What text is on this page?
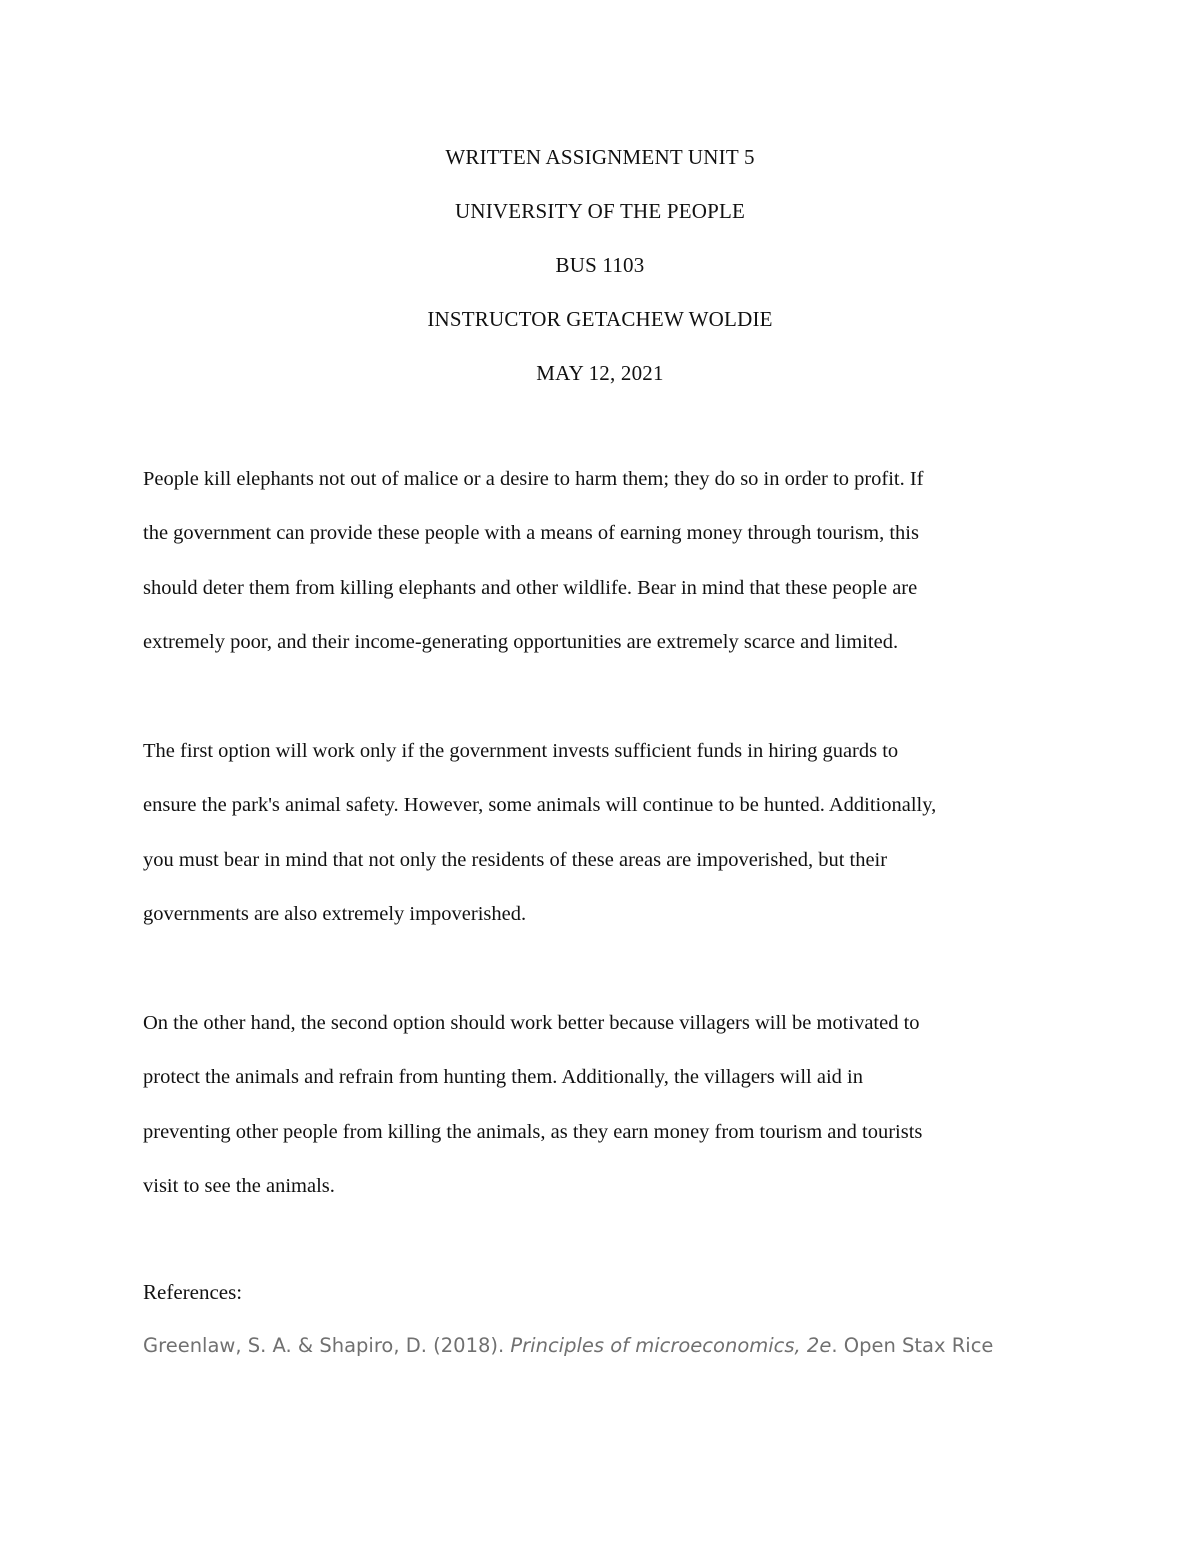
WRITTEN ASSIGNMENT UNIT 5
UNIVERSITY OF THE PEOPLE
BUS 1103
INSTRUCTOR GETACHEW WOLDIE
MAY 12, 2021
People kill elephants not out of malice or a desire to harm them; they do so in order to profit. If
the government can provide these people with a means of earning money through tourism, this
should deter them from killing elephants and other wildlife. Bear in mind that these people are
extremely poor, and their income-generating opportunities are extremely scarce and limited.
The first option will work only if the government invests sufficient funds in hiring guards to
ensure the park's animal safety. However, some animals will continue to be hunted. Additionally,
you must bear in mind that not only the residents of these areas are impoverished, but their
governments are also extremely impoverished.
On the other hand, the second option should work better because villagers will be motivated to
protect the animals and refrain from hunting them. Additionally, the villagers will aid in
preventing other people from killing the animals, as they earn money from tourism and tourists
visit to see the animals.
References:
Greenlaw, S. A. & Shapiro, D. (2018). Principles of microeconomics, 2e. Open Stax Rice
